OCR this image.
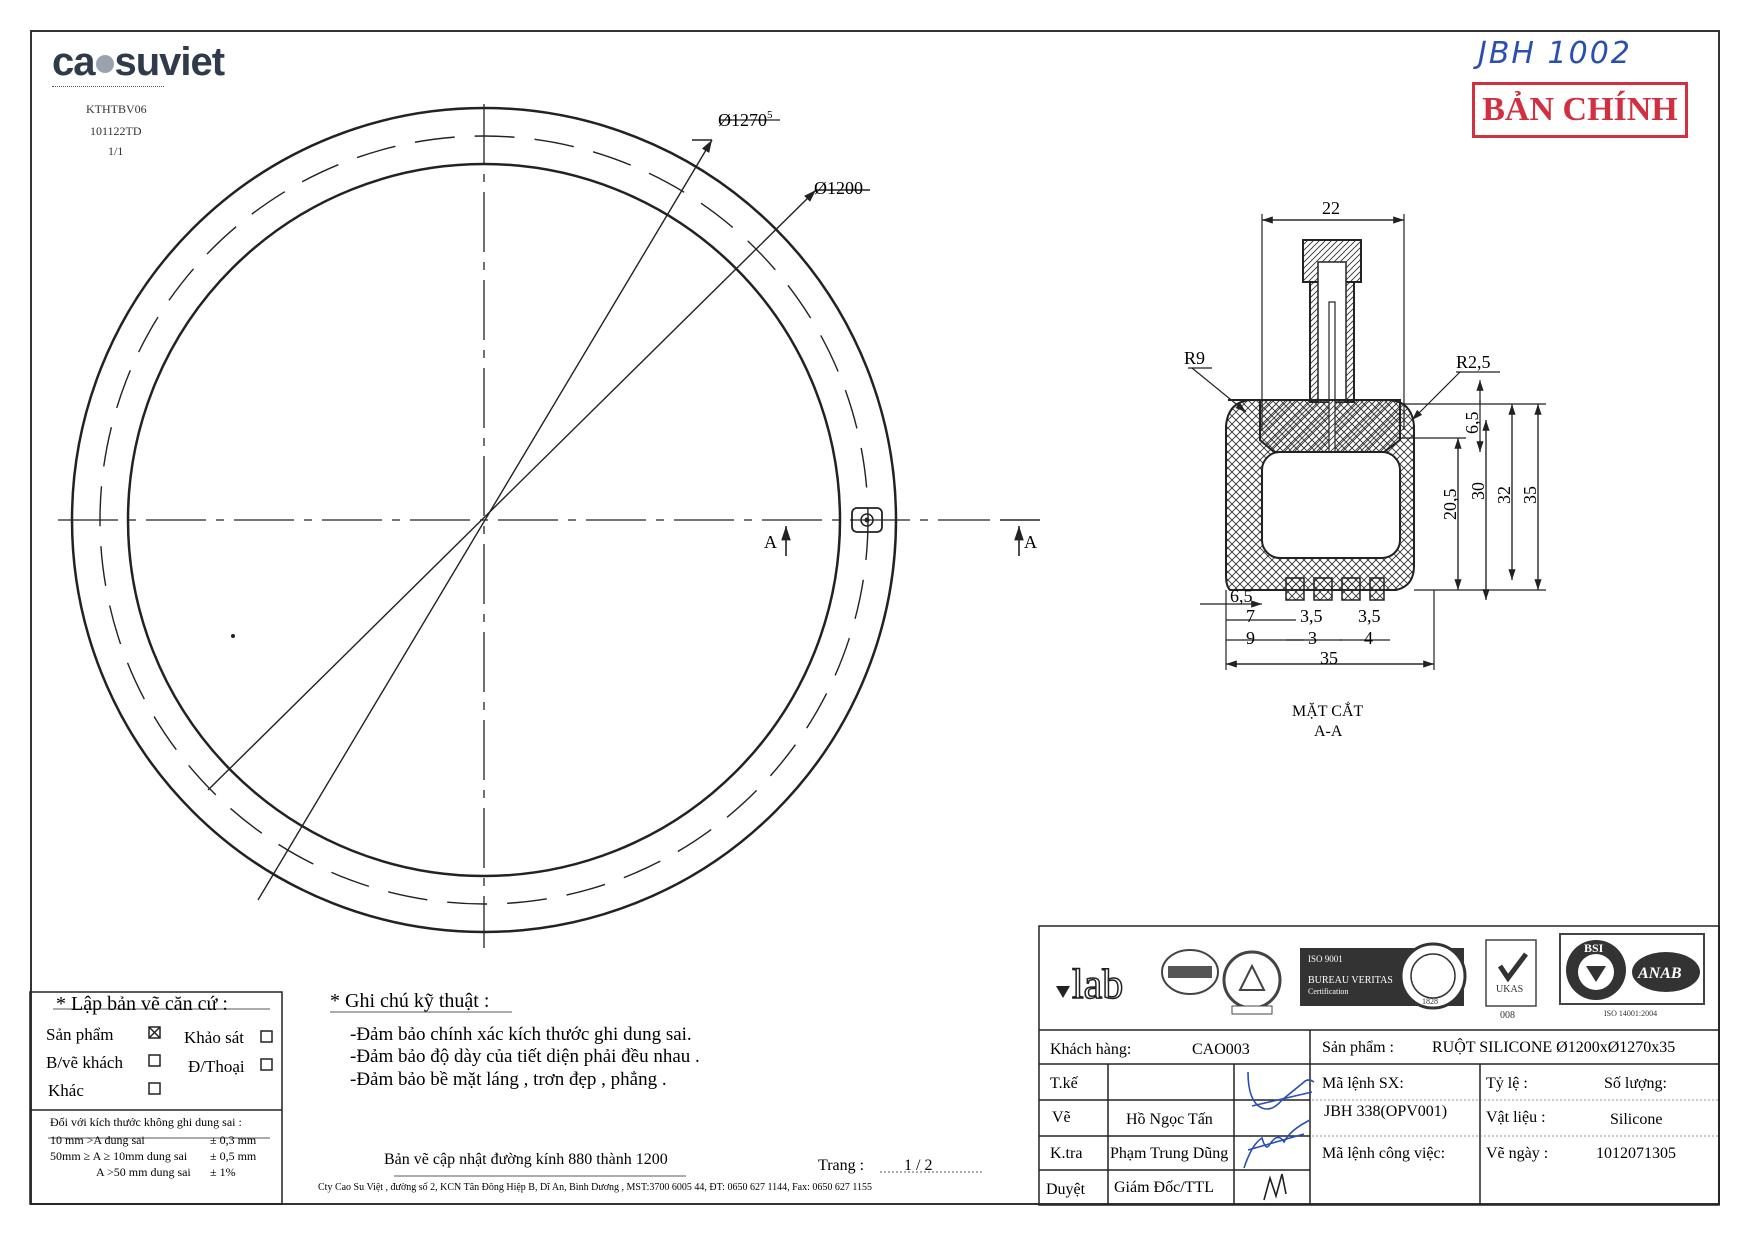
ca suviet
KTHTBV06
101122TD
1/1
JBH 1002
BẢN CHÍNH
Ø1270$^5$
Ø1200
A	A
22
R9	R2,5
6,5
20,5 30 32 35
6,5
7
9
3,5 3,5
3	4
35
MẶT CẮT
A-A
* Lập bản vẽ căn cứ :
Sản phẩm	Khảo sát
B/vẽ khách	Đ/Thoại
Khác
Đối với kích thước không ghi dung sai :
10 mm >A dung sai	± 0,3 mm
50mm ≥ A ≥ 10mm dung sai ± 0,5 mm
A >50 mm dung sai ± 1%
* Ghi chú kỹ thuật :
-Đảm bảo chính xác kích thước ghi dung sai.
-Đảm bảo độ dày của tiết diện phải đều nhau .
-Đảm bảo bề mặt láng , trơn đẹp , phẳng .
Bản vẽ cập nhật đường kính 880 thành 1200	Trang : 1 / 2
Cty Cao Su Việt , đường số 2, KCN Tân Đông Hiệp B, Dĩ An, Bình Dương , MST:3700 6005 44, ĐT: 0650 627 1144, Fax: 0650 627 1155
Khách hàng:	CAO003	Sản phẩm : RUỘT SILICONE Ø1200xØ1270x35
T.kế
Vẽ	Hồ Ngọc Tấn
K.tra Phạm Trung Dũng
Duyệt Giám Đốc/TTL
Mã lệnh SX:
JBH 338(OPV001)
Mã lệnh công việc:
Tỷ lệ :	Số lượng:
Vật liệu :	Silicone
Vẽ ngày :	1012071305
lab
ISO 9001
BUREAU VERITAS
Certification
1828
UKAS
008
BSI
ANAB
ISO 14001:2004
